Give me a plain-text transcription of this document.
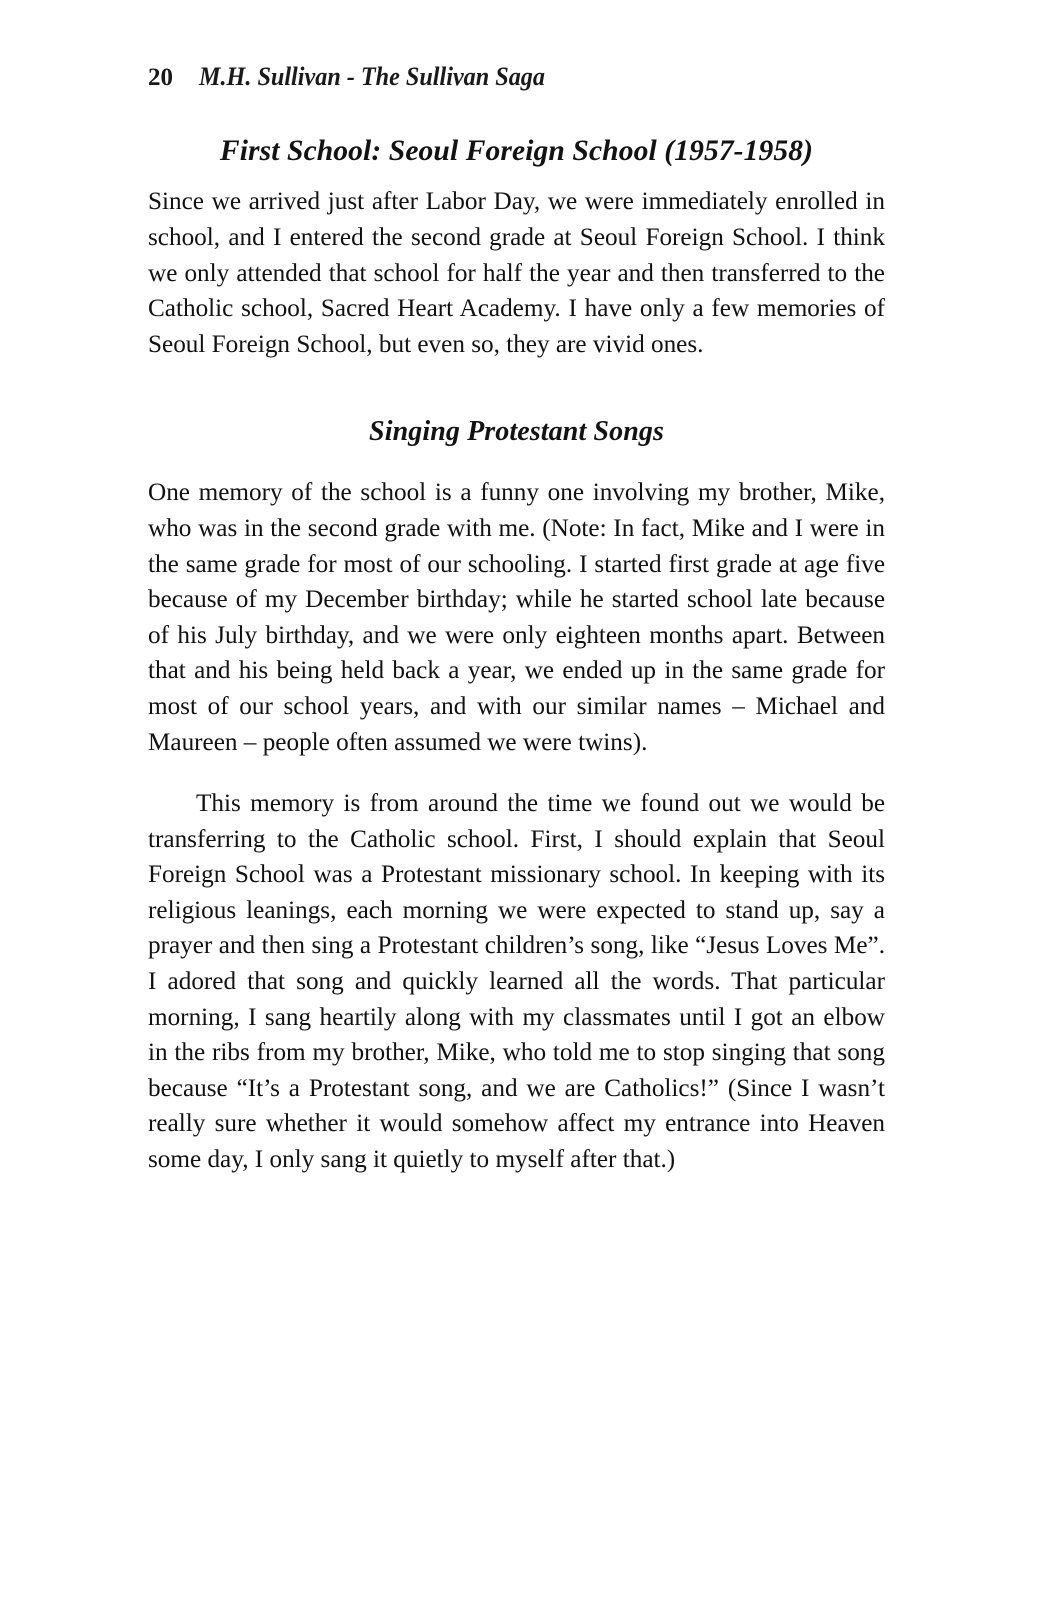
20 M.H. Sullivan - The Sullivan Saga
First School: Seoul Foreign School (1957-1958)

Since we arrived just after Labor Day, we were immediately enrolled in school, and I entered the second grade at Seoul Foreign School. I think we only attended that school for half the year and then transferred to the Catholic school, Sacred Heart Academy. I have only a few memories of Seoul Foreign School, but even so, they are vivid ones.

Singing Protestant Songs

One memory of the school is a funny one involving my brother, Mike, who was in the second grade with me. (Note: In fact, Mike and I were in the same grade for most of our schooling. I started first grade at age five because of my December birthday; while he started school late because of his July birthday, and we were only eighteen months apart. Between that and his being held back a year, we ended up in the same grade for most of our school years, and with our similar names – Michael and Maureen – people often assumed we were twins).

This memory is from around the time we found out we would be transferring to the Catholic school. First, I should explain that Seoul Foreign School was a Protestant missionary school. In keeping with its religious leanings, each morning we were expected to stand up, say a prayer and then sing a Protestant children’s song, like “Jesus Loves Me”. I adored that song and quickly learned all the words. That particular morning, I sang heartily along with my classmates until I got an elbow in the ribs from my brother, Mike, who told me to stop singing that song because “It’s a Protestant song, and we are Catholics!” (Since I wasn’t really sure whether it would somehow affect my entrance into Heaven some day, I only sang it quietly to myself after that.)
